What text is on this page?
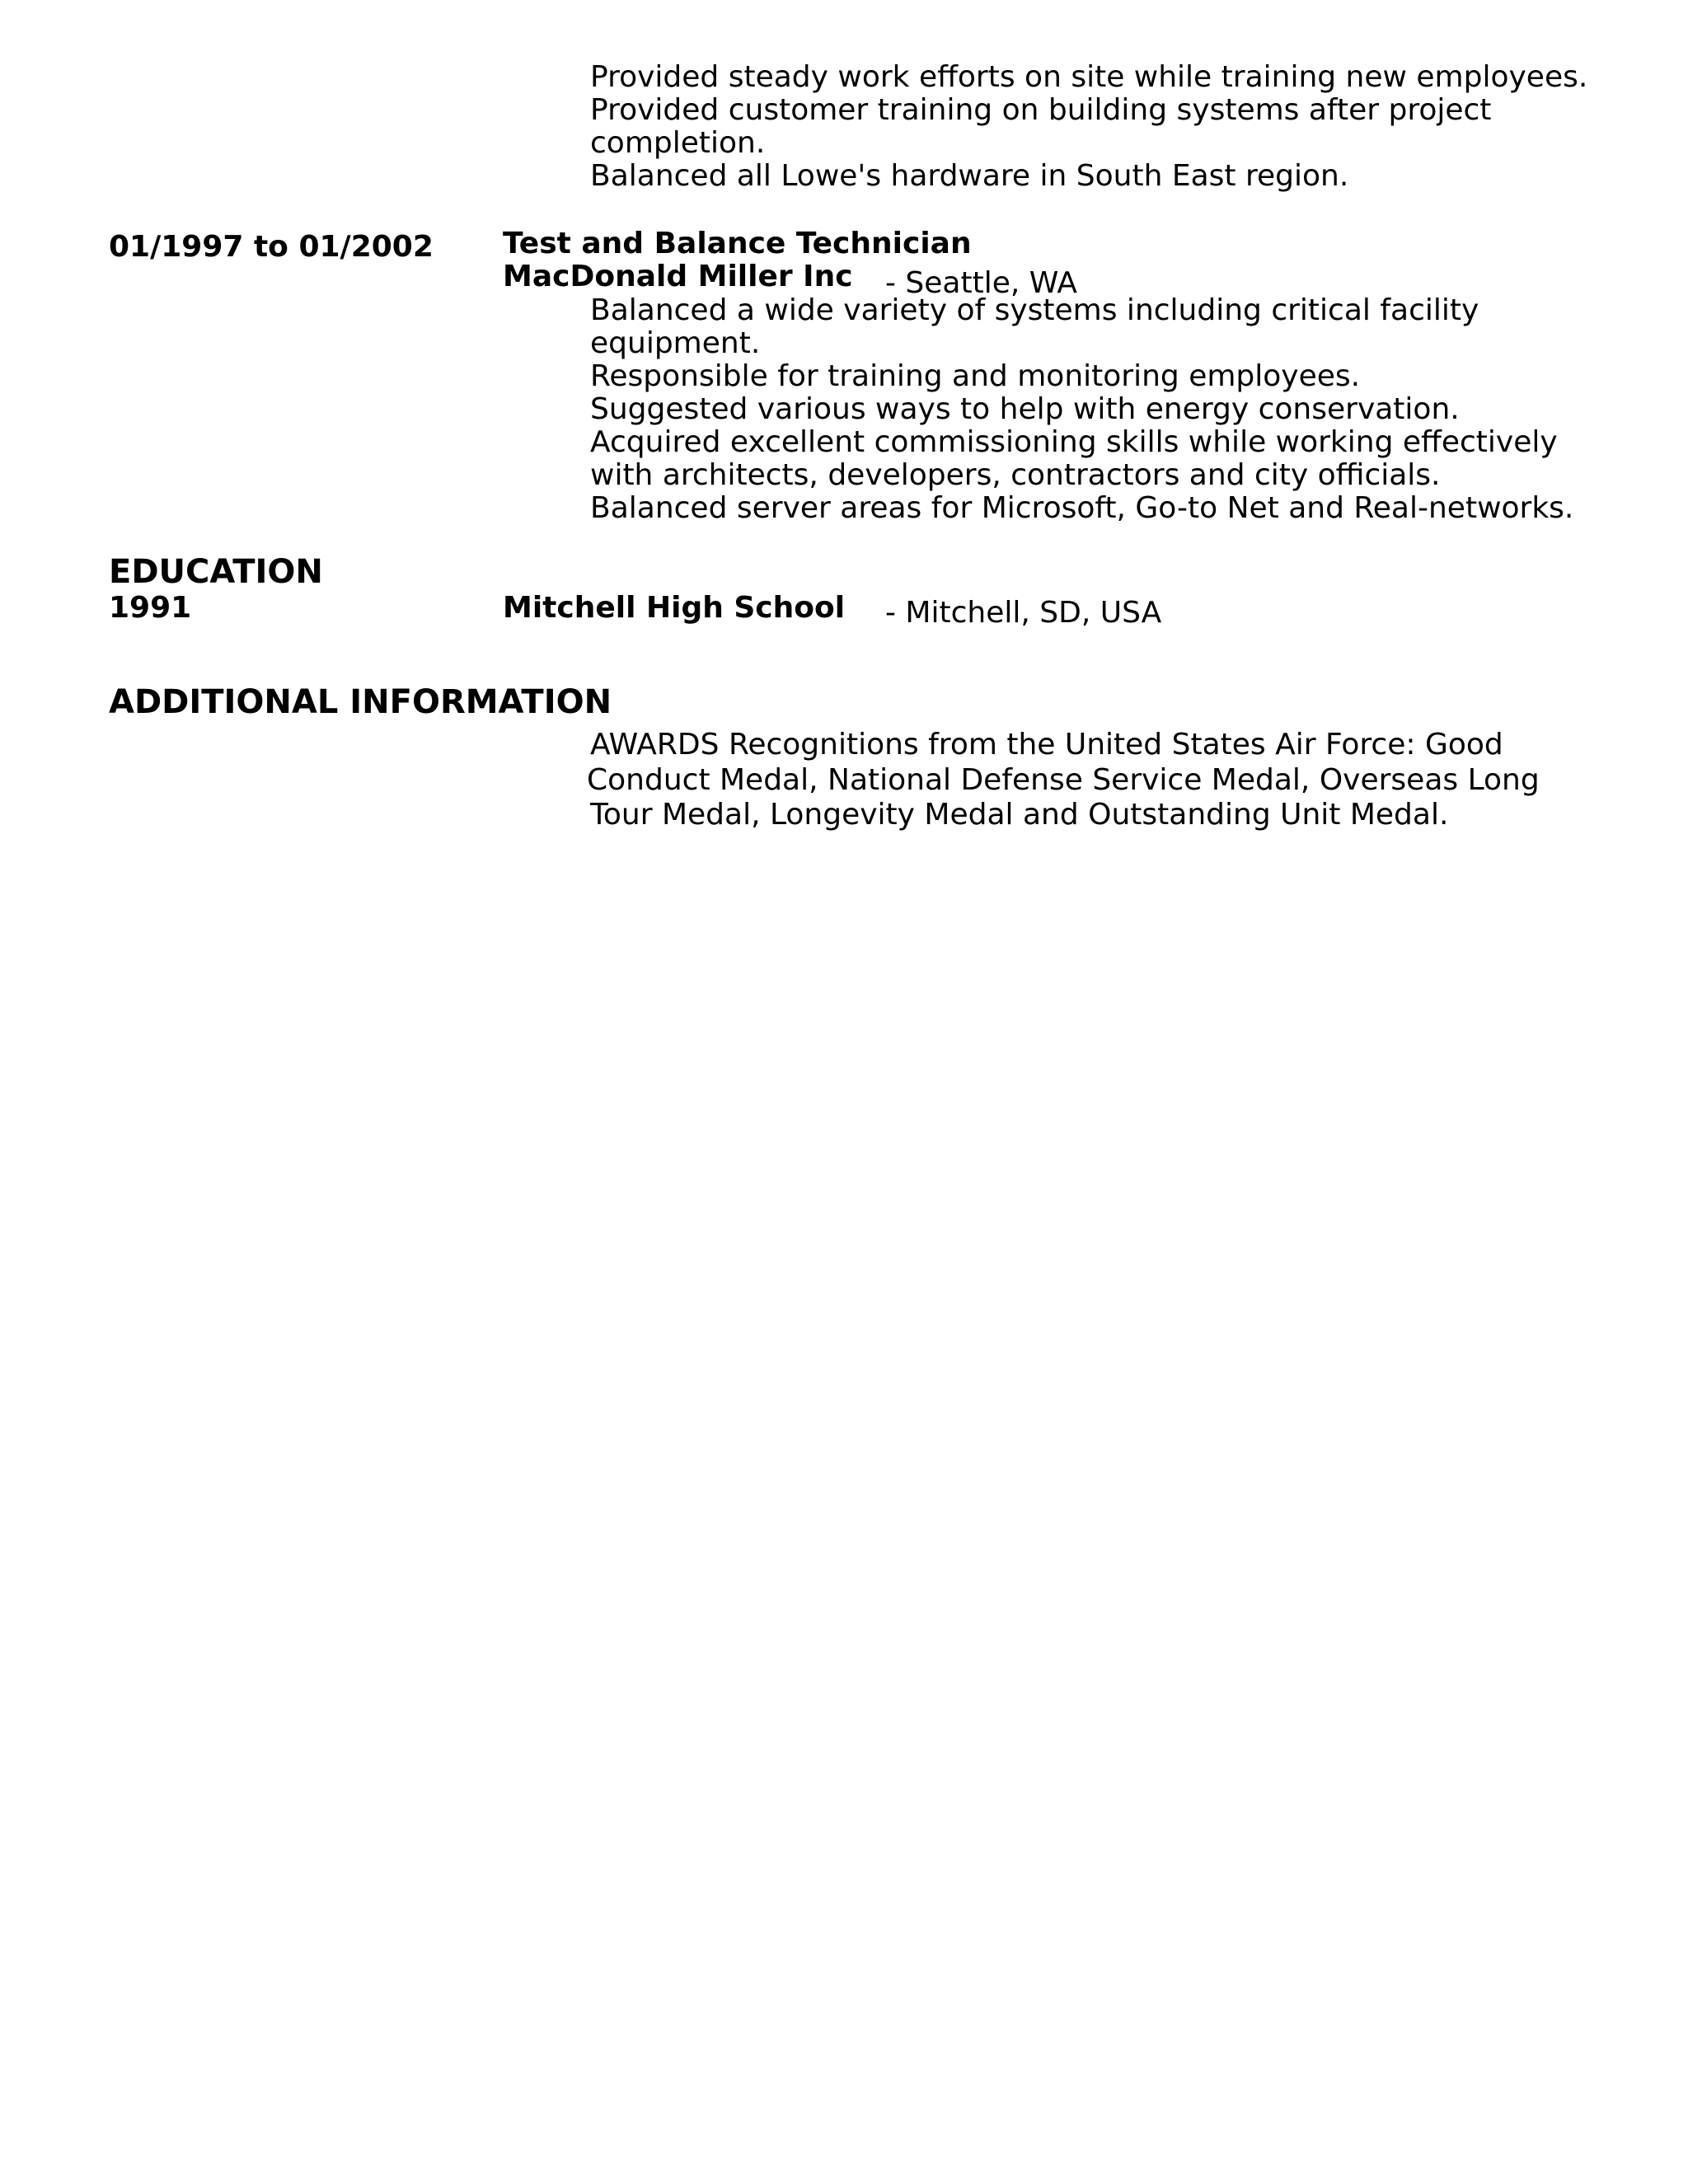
Provided steady work efforts on site while training new employees.
Provided customer training on building systems after project
completion.
Balanced all Lowe's hardware in South East region.
01/1997 to 01/2002 Test and Balance Technician
MacDonald Miller Inc - Seattle, WA
Balanced a wide variety of systems including critical facility
equipment.
Responsible for training and monitoring employees.
Suggested various ways to help with energy conservation.
Acquired excellent commissioning skills while working effectively
with architects, developers, contractors and city officials.
Balanced server areas for Microsoft, Go-to Net and Real-networks.
EDUCATION
1991	Mitchell High School - Mitchell, SD, USA
ADDITIONAL INFORMATION
AWARDS Recognitions from the United States Air Force: Good
Conduct Medal, National Defense Service Medal, Overseas Long
Tour Medal, Longevity Medal and Outstanding Unit Medal.
